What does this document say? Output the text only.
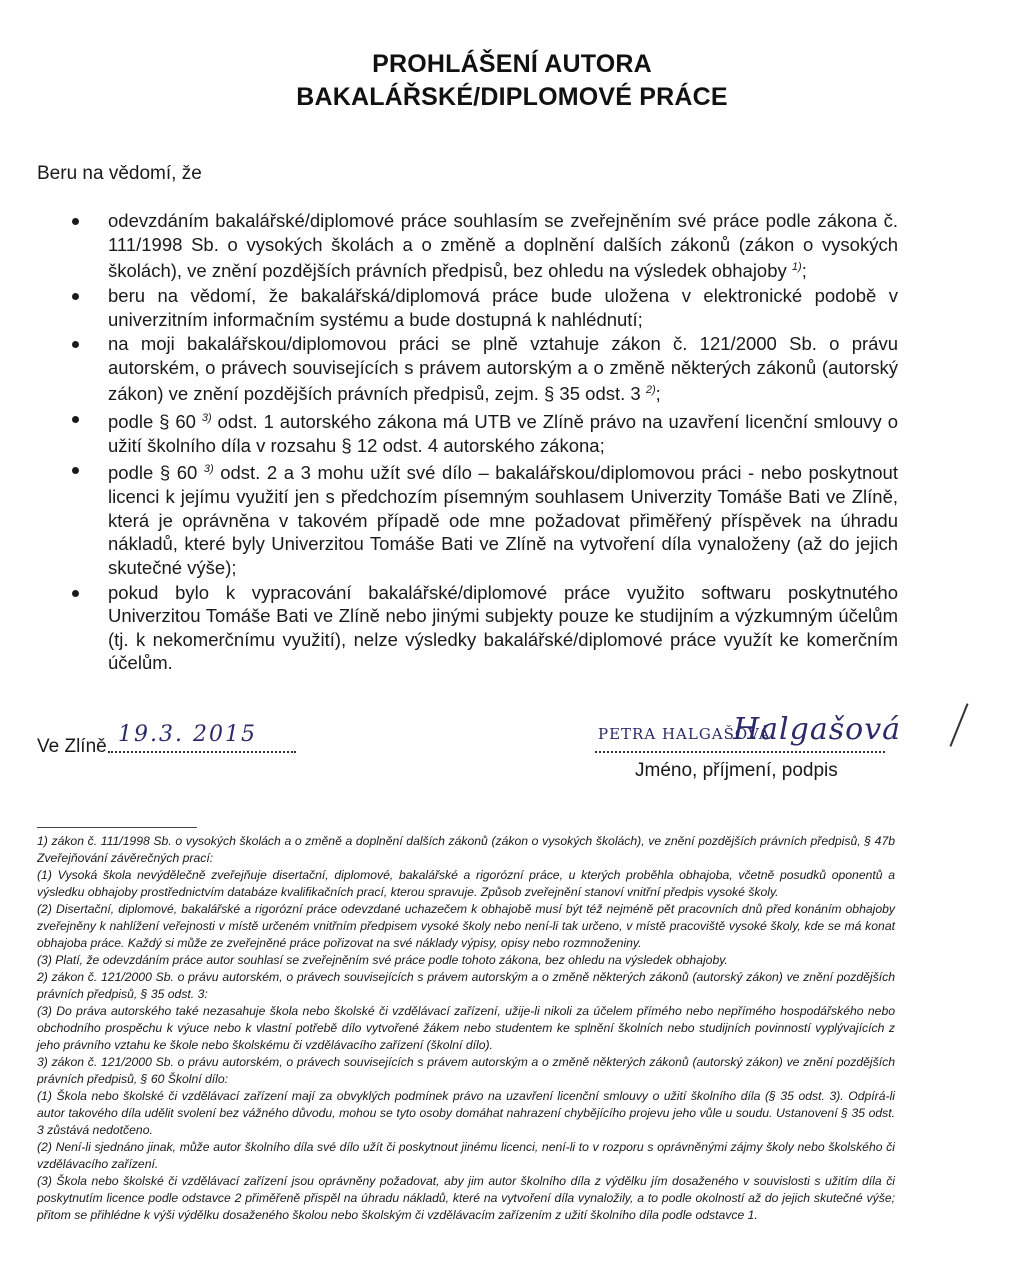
PROHLÁŠENÍ AUTORA
BAKALÁŘSKÉ/DIPLOMOVÉ PRÁCE
Beru na vědomí, že
odevzdáním bakalářské/diplomové práce souhlasím se zveřejněním své práce podle zákona č. 111/1998 Sb. o vysokých školách a o změně a doplnění dalších zákonů (zákon o vysokých školách), ve znění pozdějších právních předpisů, bez ohledu na výsledek obhajoby $^{1)}$;
beru na vědomí, že bakalářská/diplomová práce bude uložena v elektronické podobě v univerzitním informačním systému a bude dostupná k nahlédnutí;
na moji bakalářskou/diplomovou práci se plně vztahuje zákon č. 121/2000 Sb. o právu autorském, o právech souvisejících s právem autorským a o změně některých zákonů (autorský zákon) ve znění pozdějších právních předpisů, zejm. § 35 odst. 3 $^{2)}$;
podle § 60 $^{3)}$ odst. 1 autorského zákona má UTB ve Zlíně právo na uzavření licenční smlouvy o užití školního díla v rozsahu § 12 odst. 4 autorského zákona;
podle § 60 $^{3)}$ odst. 2 a 3 mohu užít své dílo – bakalářskou/diplomovou práci - nebo poskytnout licenci k jejímu využití jen s předchozím písemným souhlasem Univerzity Tomáše Bati ve Zlíně, která je oprávněna v takovém případě ode mne požadovat přiměřený příspěvek na úhradu nákladů, které byly Univerzitou Tomáše Bati ve Zlíně na vytvoření díla vynaloženy (až do jejich skutečné výše);
pokud bylo k vypracování bakalářské/diplomové práce využito softwaru poskytnutého Univerzitou Tomáše Bati ve Zlíně nebo jinými subjekty pouze ke studijním a výzkumným účelům (tj. k nekomerčnímu využití), nelze výsledky bakalářské/diplomové práce využít ke komerčním účelům.
Ve Zlíně 19.3. 2015	PETRA HALGAŠOVÁ
Halgašová
Jméno, příjmení, podpis

1) zákon č. 111/1998 Sb. o vysokých školách a o změně a doplnění dalších zákonů (zákon o vysokých školách), ve znění pozdějších právních předpisů, § 47b Zveřejňování závěrečných prací:

(1) Vysoká škola nevýdělečně zveřejňuje disertační, diplomové, bakalářské a rigorózní práce, u kterých proběhla obhajoba, včetně posudků oponentů a výsledku obhajoby prostřednictvím databáze kvalifikačních prací, kterou spravuje. Způsob zveřejnění stanoví vnitřní předpis vysoké školy.

(2) Disertační, diplomové, bakalářské a rigorózní práce odevzdané uchazečem k obhajobě musí být též nejméně pět pracovních dnů před konáním obhajoby zveřejněny k nahlížení veřejnosti v místě určeném vnitřním předpisem vysoké školy nebo není-li tak určeno, v místě pracoviště vysoké školy, kde se má konat obhajoba práce. Každý si může ze zveřejněné práce pořizovat na své náklady výpisy, opisy nebo rozmnoženiny.

(3) Platí, že odevzdáním práce autor souhlasí se zveřejněním své práce podle tohoto zákona, bez ohledu na výsledek obhajoby.

2) zákon č. 121/2000 Sb. o právu autorském, o právech souvisejících s právem autorským a o změně některých zákonů (autorský zákon) ve znění pozdějších právních předpisů, § 35 odst. 3:

(3) Do práva autorského také nezasahuje škola nebo školské či vzdělávací zařízení, užije-li nikoli za účelem přímého nebo nepřímého hospodářského nebo obchodního prospěchu k výuce nebo k vlastní potřebě dílo vytvořené žákem nebo studentem ke splnění školních nebo studijních povinností vyplývajících z jeho právního vztahu ke škole nebo školskému či vzdělávacího zařízení (školní dílo).

3) zákon č. 121/2000 Sb. o právu autorském, o právech souvisejících s právem autorským a o změně některých zákonů (autorský zákon) ve znění pozdějších právních předpisů, § 60 Školní dílo:

(1) Škola nebo školské či vzdělávací zařízení mají za obvyklých podmínek právo na uzavření licenční smlouvy o užití školního díla (§ 35 odst. 3). Odpírá-li autor takového díla udělit svolení bez vážného důvodu, mohou se tyto osoby domáhat nahrazení chybějícího projevu jeho vůle u soudu. Ustanovení § 35 odst. 3 zůstává nedotčeno.

(2) Není-li sjednáno jinak, může autor školního díla své dílo užít či poskytnout jinému licenci, není-li to v rozporu s oprávněnými zájmy školy nebo školského či vzdělávacího zařízení.

(3) Škola nebo školské či vzdělávací zařízení jsou oprávněny požadovat, aby jim autor školního díla z výdělku jím dosaženého v souvislosti s užitím díla či poskytnutím licence podle odstavce 2 přiměřeně přispěl na úhradu nákladů, které na vytvoření díla vynaložily, a to podle okolností až do jejich skutečné výše; přitom se přihlédne k výši výdělku dosaženého školou nebo školským či vzdělávacím zařízením z užití školního díla podle odstavce 1.
